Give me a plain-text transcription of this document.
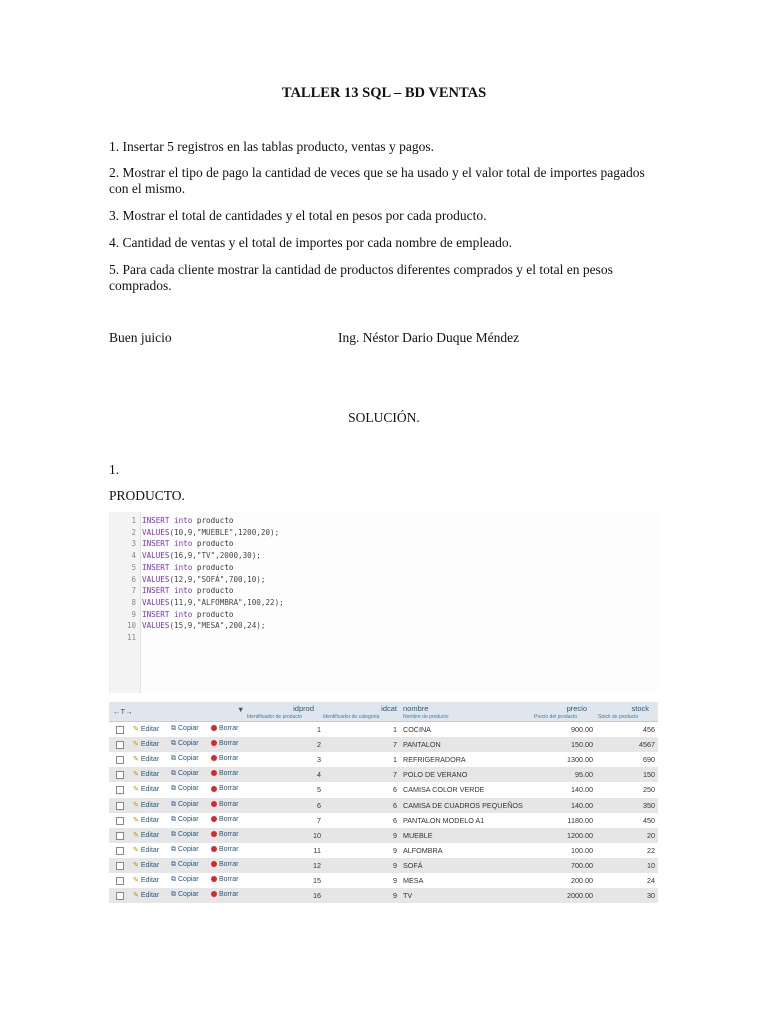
TALLER 13 SQL – BD VENTAS
1. Insertar 5 registros en las tablas producto, ventas y pagos.
2. Mostrar el tipo de pago la cantidad de veces que se ha usado y el valor total de importes pagados con el mismo.
3. Mostrar el total de cantidades y el total en pesos por cada producto.
4. Cantidad de ventas y el total de importes por cada nombre de empleado.
5. Para cada cliente mostrar la cantidad de productos diferentes comprados y el total en pesos comprados.
Buen juicio	Ing. Néstor Dario Duque Méndez
SOLUCIÓN.
1.
PRODUCTO.
1
2
3
4
5
6
7
8
9
10
11
INSERT into producto
VALUES(10,9,"MUEBLE",1200,20);
INSERT into producto
VALUES(16,9,"TV",2000,30);
INSERT into producto
VALUES(12,9,"SOFÁ",700,10);
INSERT into producto
VALUES(11,9,"ALFOMBRA",100,22);
INSERT into producto
VALUES(15,9,"MESA",200,24);
←T→	▼	idprod
Identificador de producto
idcat
Identificador de categoría
nombre
Nombre de producto
precio
Precio del producto
stock
Stock de producto
✎ Editar ⧉ Copiar	Borrar	1	1 COCINA	900.00	456
✎ Editar ⧉ Copiar	Borrar	2	7 PANTALON	150.00	4567
✎ Editar ⧉ Copiar	Borrar	3	1 REFRIGERADORA	1300.00	690
✎ Editar ⧉ Copiar	Borrar	4	7 POLO DE VERANO	95.00	150
✎ Editar ⧉ Copiar	Borrar	5	6 CAMISA COLOR VERDE	140.00	250
✎ Editar ⧉ Copiar	Borrar	6	6 CAMISA DE CUADROS PEQUEÑOS	140.00	350
✎ Editar ⧉ Copiar	Borrar	7	6 PANTALON MODELO A1	1180.00	450
✎ Editar ⧉ Copiar	Borrar	10	9 MUEBLE	1200.00	20
✎ Editar ⧉ Copiar	Borrar	11	9 ALFOMBRA	100.00	22
✎ Editar ⧉ Copiar	Borrar	12	9 SOFÁ	700.00	10
✎ Editar ⧉ Copiar	Borrar	15	9 MESA	200.00	24
✎ Editar ⧉ Copiar	Borrar	16	9 TV	2000.00	30
